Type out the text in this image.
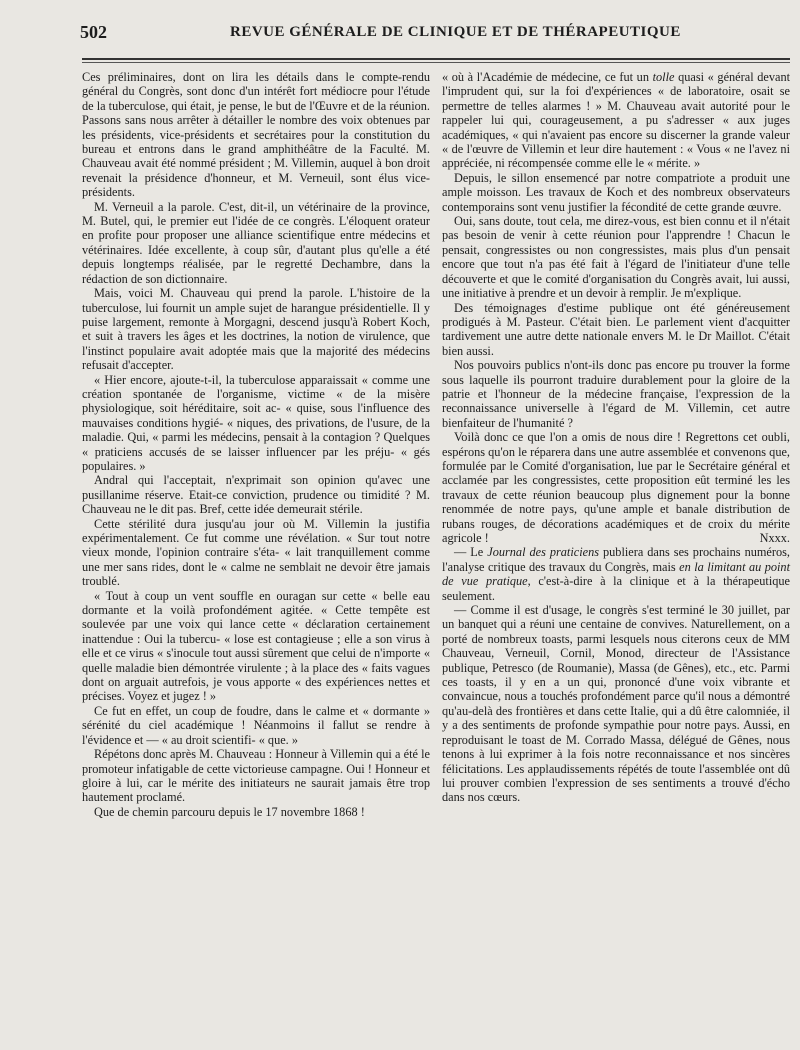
502	REVUE GÉNÉRALE DE CLINIQUE ET DE THÉRAPEUTIQUE

Ces préliminaires, dont on lira les détails dans le compte-rendu général du Congrès, sont donc d'un intérêt fort médiocre pour l'étude de la tuberculose, qui était, je pense, le but de l'Œuvre et de la réunion. Passons sans nous arrêter à détailler le nombre des voix obtenues par les présidents, vice-présidents et secrétaires pour la constitution du bureau et entrons dans le grand amphithéâtre de la Faculté. M. Chauveau avait été nommé président ; M. Villemin, auquel à bon droit revenait la présidence d'honneur, et M. Verneuil, sont élus vice-présidents.

M. Verneuil a la parole. C'est, dit-il, un vétérinaire de la province, M. Butel, qui, le premier eut l'idée de ce congrès. L'éloquent orateur en profite pour proposer une alliance scientifique entre médecins et vétérinaires. Idée excellente, à coup sûr, d'autant plus qu'elle a été depuis longtemps réalisée, par le regretté Dechambre, dans la rédaction de son dictionnaire.

Mais, voici M. Chauveau qui prend la parole. L'histoire de la tuberculose, lui fournit un ample sujet de harangue présidentielle. Il y puise largement, remonte à Morgagni, descend jusqu'à Robert Koch, et suit à travers les âges et les doctrines, la notion de virulence, que l'instinct populaire avait adoptée mais que la majorité des médecins refusait d'accepter.

« Hier encore, ajoute-t-il, la tuberculose apparaissait « comme une création spontanée de l'organisme, victime « de la misère physiologique, soit héréditaire, soit ac- « quise, sous l'influence des mauvaises conditions hygié- « niques, des privations, de l'usure, de la maladie. Qui, « parmi les médecins, pensait à la contagion ? Quelques « praticiens accusés de se laisser influencer par les préju- « gés populaires. »

Andral qui l'acceptait, n'exprimait son opinion qu'avec une pusillanime réserve. Etait-ce conviction, prudence ou timidité ? M. Chauveau ne le dit pas. Bref, cette idée demeurait stérile.

Cette stérilité dura jusqu'au jour où M. Villemin la justifia expérimentalement. Ce fut comme une révélation. « Sur tout notre vieux monde, l'opinion contraire s'éta- « lait tranquillement comme une mer sans rides, dont le « calme ne semblait ne devoir être jamais troublé.

« Tout à coup un vent souffle en ouragan sur cette « belle eau dormante et la voilà profondément agitée. « Cette tempête est soulevée par une voix qui lance cette « déclaration certainement inattendue : Oui la tubercu- « lose est contagieuse ; elle a son virus à elle et ce virus « s'inocule tout aussi sûrement que celui de n'importe « quelle maladie bien démontrée virulente ; à la place des « faits vagues dont on arguait autrefois, je vous apporte « des expériences nettes et précises. Voyez et jugez ! »

Ce fut en effet, un coup de foudre, dans le calme et « dormante » sérénité du ciel académique ! Néanmoins il fallut se rendre à l'évidence et — « au droit scientifi- « que. »

Répétons donc après M. Chauveau : Honneur à Villemin qui a été le promoteur infatigable de cette victorieuse campagne. Oui ! Honneur et gloire à lui, car le mérite des initiateurs ne saurait jamais être trop hautement proclamé.

Que de chemin parcouru depuis le 17 novembre 1868 !

« où à l'Académie de médecine, ce fut un tolle quasi « général devant l'imprudent qui, sur la foi d'expériences « de laboratoire, osait se permettre de telles alarmes ! » M. Chauveau avait autorité pour le rappeler lui qui, courageusement, a pu s'adresser « aux juges académiques, « qui n'avaient pas encore su discerner la grande valeur « de l'œuvre de Villemin et leur dire hautement : « Vous « ne l'avez ni appréciée, ni récompensée comme elle le « mérite. »

Depuis, le sillon ensemencé par notre compatriote a produit une ample moisson. Les travaux de Koch et des nombreux observateurs contemporains sont venu justifier la fécondité de cette grande œuvre.

Oui, sans doute, tout cela, me direz-vous, est bien connu et il n'était pas besoin de venir à cette réunion pour l'apprendre ! Chacun le pensait, congressistes ou non congressistes, mais plus d'un pensait encore que tout n'a pas été fait à l'égard de l'initiateur d'une telle découverte et que le comité d'organisation du Congrès avait, lui aussi, une initiative à prendre et un devoir à remplir. Je m'explique.

Des témoignages d'estime publique ont été généreusement prodigués à M. Pasteur. C'était bien. Le parlement vient d'acquitter tardivement une autre dette nationale envers M. le Dr Maillot. C'était bien aussi.

Nos pouvoirs publics n'ont-ils donc pas encore pu trouver la forme sous laquelle ils pourront traduire durablement pour la gloire de la patrie et l'honneur de la médecine française, l'expression de la reconnaissance universelle à l'égard de M. Villemin, cet autre bienfaiteur de l'humanité ?

Voilà donc ce que l'on a omis de nous dire ! Regrettons cet oubli, espérons qu'on le réparera dans une autre assemblée et convenons que, formulée par le Comité d'organisation, lue par le Secrétaire général et acclamée par les congressistes, cette proposition eût terminé les les travaux de cette réunion beaucoup plus dignement pour la bonne renommée de notre pays, qu'une ample et banale distribution de rubans rouges, de décorations académiques et de croix du mérite agricole !	Nxxx.

— Le Journal des praticiens publiera dans ses prochains numéros, l'analyse critique des travaux du Congrès, mais en la limitant au point de vue pratique, c'est-à-dire à la clinique et à la thérapeutique seulement.

— Comme il est d'usage, le congrès s'est terminé le 30 juillet, par un banquet qui a réuni une centaine de convives. Naturellement, on a porté de nombreux toasts, parmi lesquels nous citerons ceux de MM Chauveau, Verneuil, Cornil, Monod, directeur de l'Assistance publique, Petresco (de Roumanie), Massa (de Gênes), etc., etc. Parmi ces toasts, il y en a un qui, prononcé d'une voix vibrante et convaincue, nous a touchés profondément parce qu'il nous a démontré qu'au-delà des frontières et dans cette Italie, qui a dû être calomniée, il y a des sentiments de profonde sympathie pour notre pays. Aussi, en reproduisant le toast de M. Corrado Massa, délégué de Gênes, nous tenons à lui exprimer à la fois notre reconnaissance et nos sincères félicitations. Les applaudissements répétés de toute l'assemblée ont dû lui prouver combien l'expression de ses sentiments a trouvé d'écho dans nos cœurs.
